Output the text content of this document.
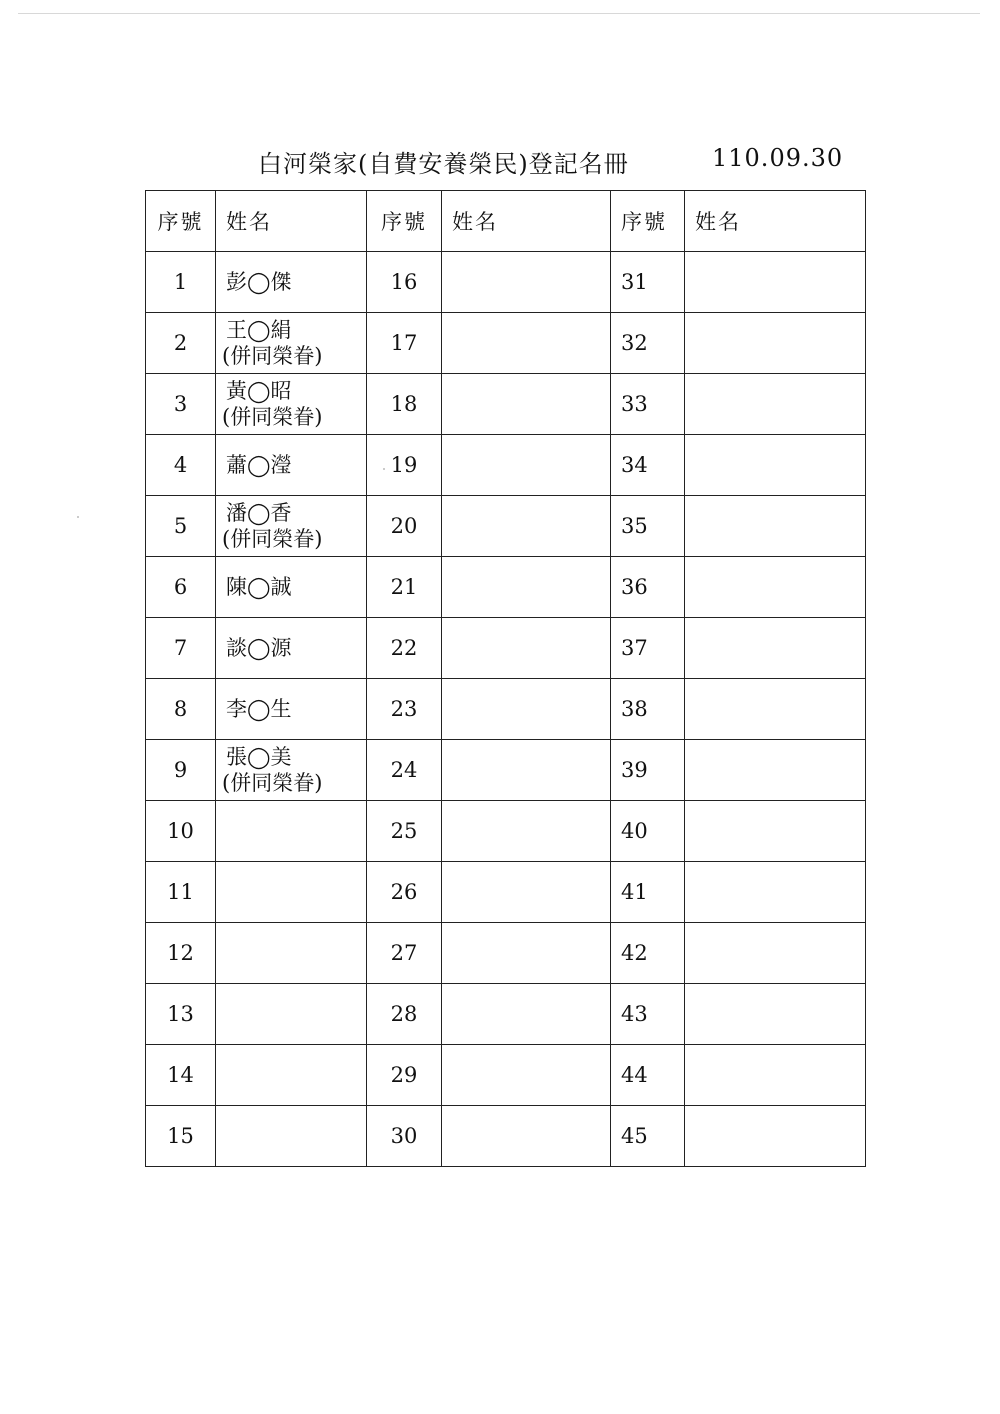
白河榮家(自費安養榮民)登記名冊	110.09.30
序號	姓名	序號	姓名	序號	姓名
1	彭◯傑	16		31	
2	王◯絹
(併同榮眷)	17		32	
3	黃◯昭
(併同榮眷)	18		33	
4	蕭◯瀅	19		34	
5	潘◯香
(併同榮眷)	20		35	
6	陳◯誠	21		36	
7	談◯源	22		37	
8	李◯生	23		38	
9	張◯美
(併同榮眷)	24		39	
10		25		40	
11		26		41	
12		27		42	
13		28		43	
14		29		44	
15		30		45	
